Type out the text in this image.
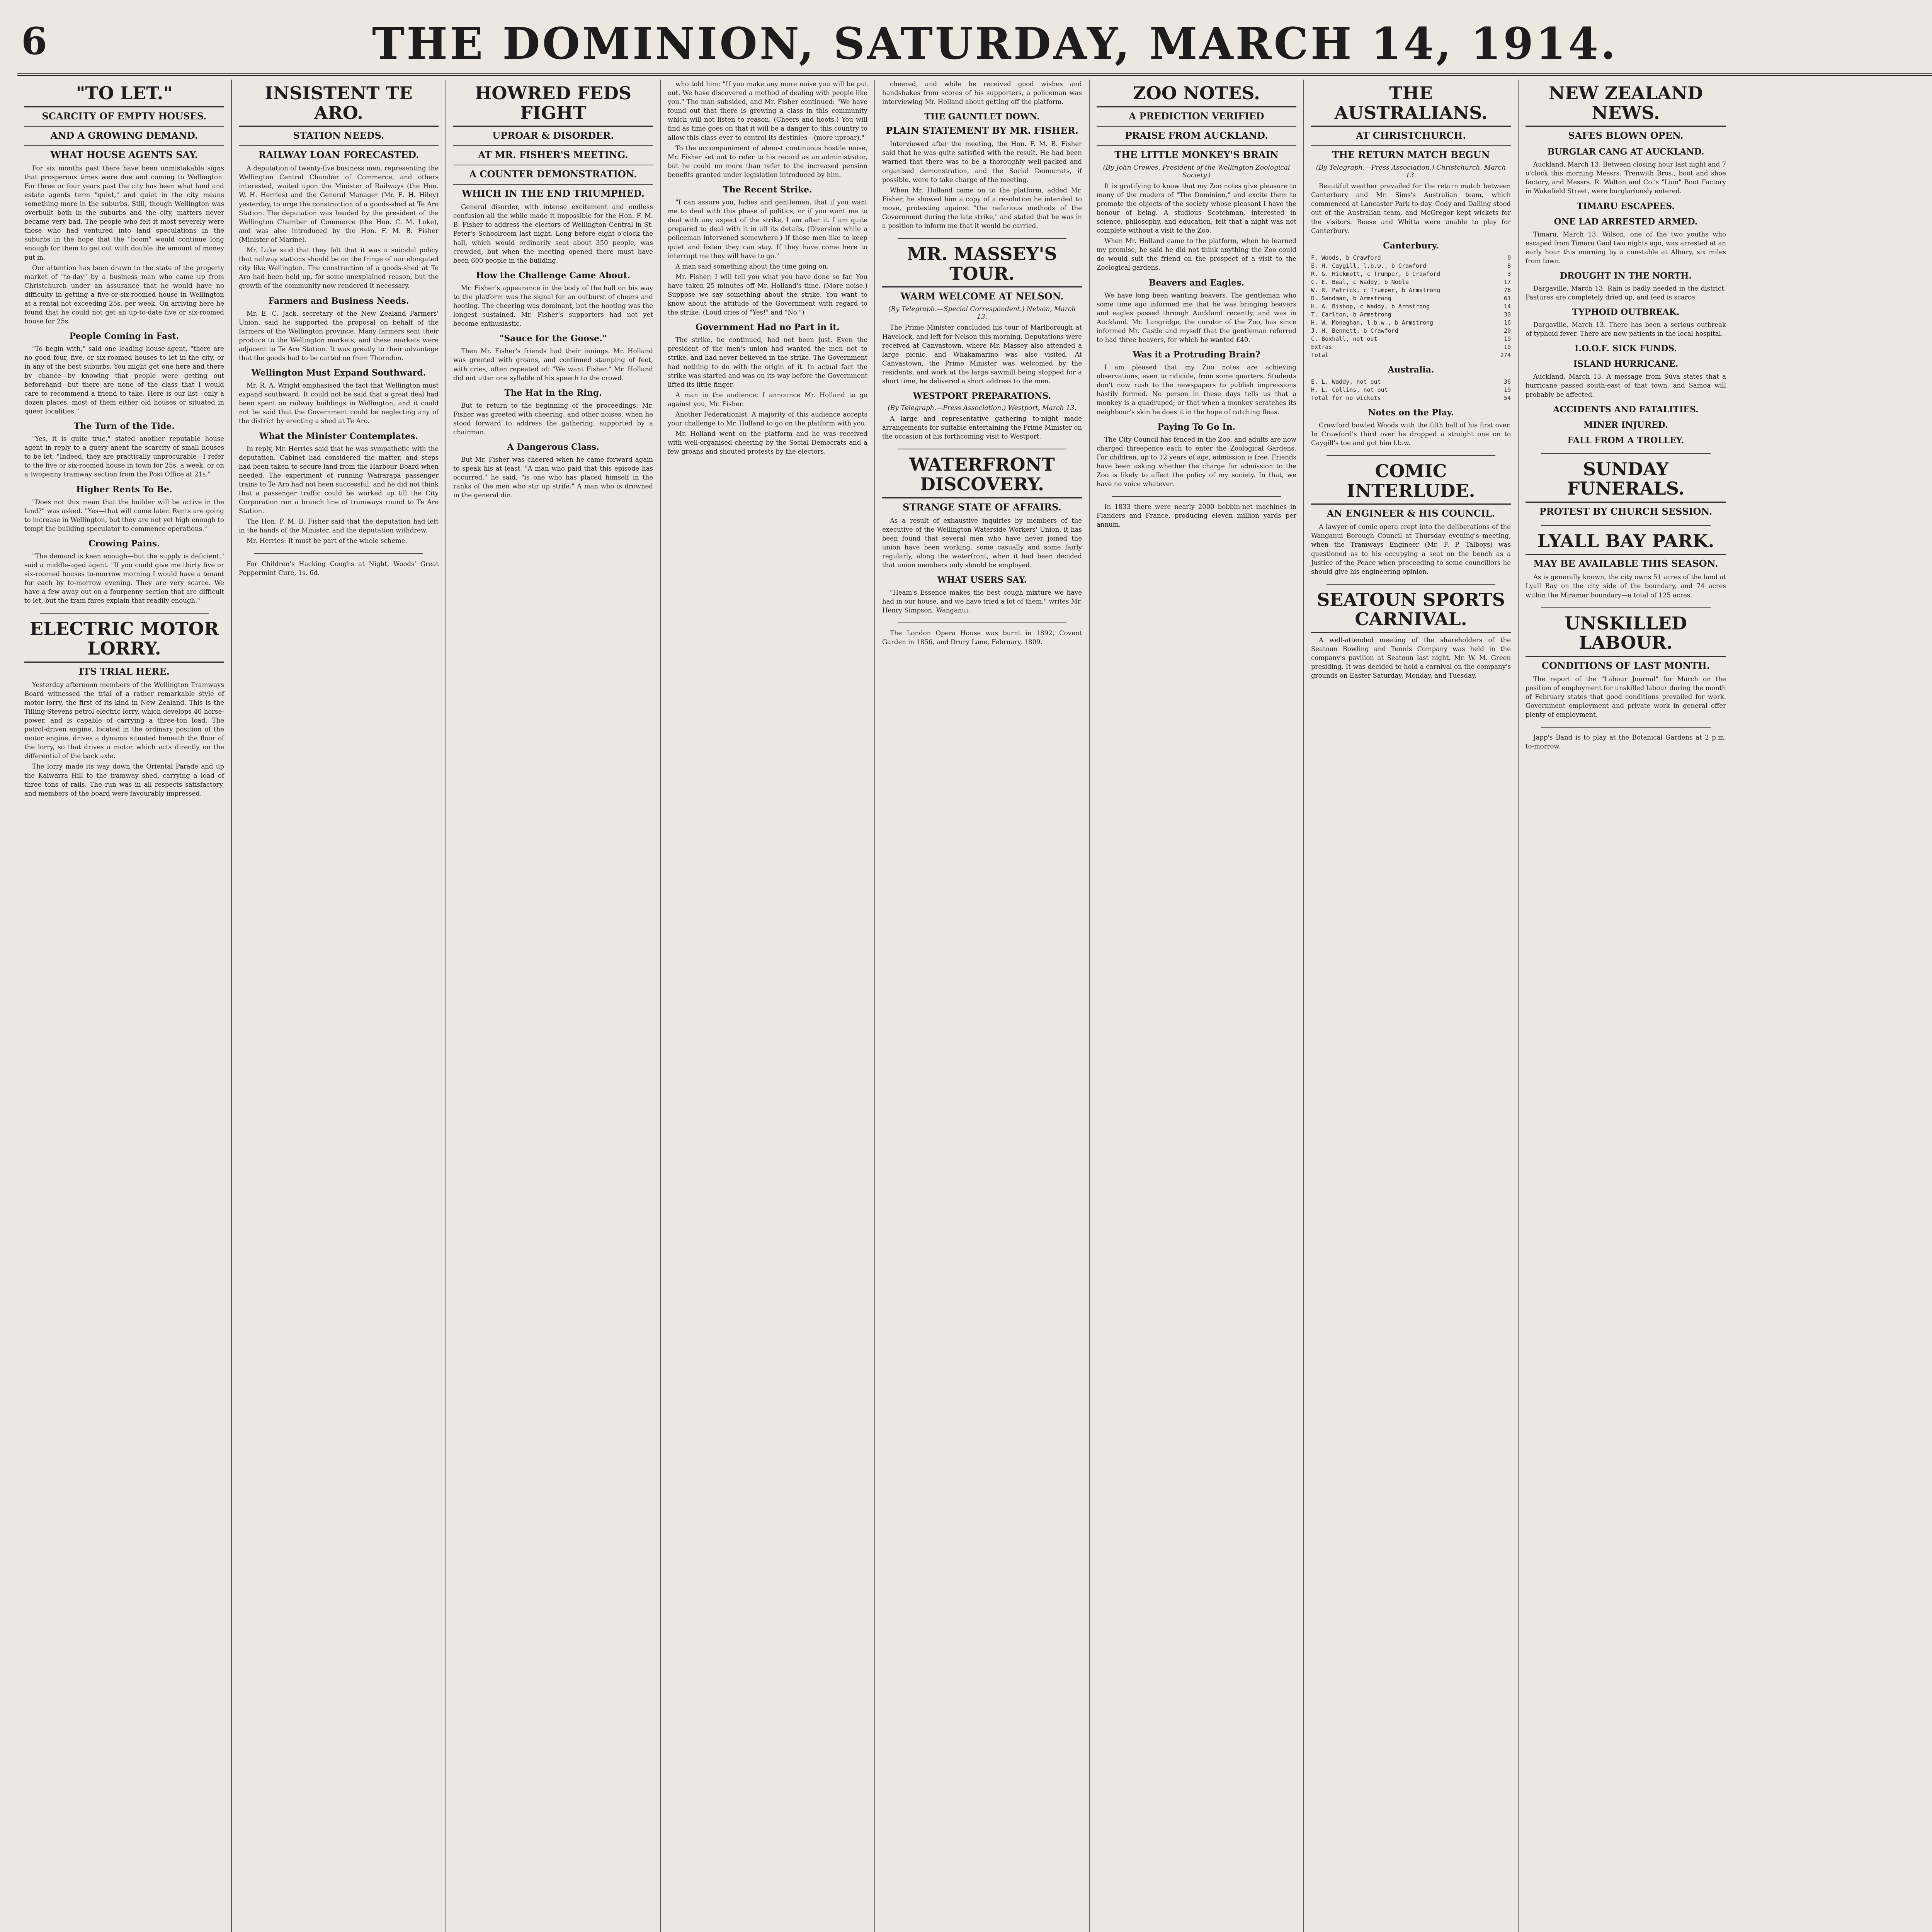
6	THE DOMINION, SATURDAY, MARCH 14, 1914.
"TO LET."
SCARCITY OF EMPTY HOUSES.
AND A GROWING DEMAND.
WHAT HOUSE AGENTS SAY.

For six months past there have been unmistakable signs that prosperous times were due and coming to Wellington. For three or four years past the city has been what land and estate agents term "quiet," and quiet in the city means something more in the suburbs. Still, though Wellington was overbuilt both in the suburbs and the city, matters never became very bad. The people who felt it most severely were those who had ventured into land speculations in the suburbs in the hope that the "boom" would continue long enough for them to get out with double the amount of money put in.

Our attention has been drawn to the state of the property market of "to-day" by a business man who came up from Christchurch under an assurance that he would have no difficulty in getting a five-or-six-roomed house in Wellington at a rental not exceeding 25s. per week. On arriving here he found that he could not get an up-to-date five or six-roomed house for 25s.

People Coming in Fast.

"To begin with," said one leading house-agent, "there are no good four, five, or six-roomed houses to let in the city, or in any of the best suburbs. You might get one here and there by chance—by knowing that people were getting out beforehand—but there are none of the class that I would care to recommend a friend to take. Here is our list—only a dozen places, most of them either old houses or situated in queer localities."

The Turn of the Tide.

"Yes, it is quite true," stated another reputable house agent in reply to a query anent the scarcity of small houses to be let. "Indeed, they are practically unprocurable—I refer to the five or six-roomed house in town for 25s. a week, or on a twopenny tramway section from the Post Office at 21s."

Higher Rents To Be.

"Does not this mean that the builder will be active in the land?" was asked. "Yes—that will come later. Rents are going to increase in Wellington, but they are not yet high enough to tempt the building speculator to commence operations."

Crowing Pains.

"The demand is keen enough—but the supply is deficient," said a middle-aged agent. "If you could give me thirty five or six-roomed houses to-morrow morning I would have a tenant for each by to-morrow evening. They are very scarce. We have a few away out on a fourpenny section that are difficult to let, but the tram fares explain that readily enough."

ELECTRIC MOTOR LORRY.
ITS TRIAL HERE.

Yesterday afternoon members of the Wellington Tramways Board witnessed the trial of a rather remarkable style of motor lorry, the first of its kind in New Zealand. This is the Tilling-Stevens petrol electric lorry, which develops 40 horse-power, and is capable of carrying a three-ton load. The petrol-driven engine, located in the ordinary position of the motor engine, drives a dynamo situated beneath the floor of the lorry, so that drives a motor which acts directly on the differential of the back axle.

The lorry made its way down the Oriental Parade and up the Kaiwarra Hill to the tramway shed, carrying a load of three tons of rails. The run was in all respects satisfactory, and members of the board were favourably impressed.

INSISTENT TE ARO.
STATION NEEDS.
RAILWAY LOAN FORECASTED.

A deputation of twenty-five business men, representing the Wellington Central Chamber of Commerce, and others interested, waited upon the Minister of Railways (the Hon. W. H. Herries) and the General Manager (Mr. E. H. Hiley) yesterday, to urge the construction of a goods-shed at Te Aro Station. The deputation was headed by the president of the Wellington Chamber of Commerce (the Hon. C. M. Luke), and was also introduced by the Hon. F. M. B. Fisher (Minister of Marine).

Mr. Luke said that they felt that it was a suicidal policy that railway stations should be on the fringe of our elongated city like Wellington. The construction of a goods-shed at Te Aro had been held up, for some unexplained reason, but the growth of the community now rendered it necessary.

Farmers and Business Needs.

Mr. E. C. Jack, secretary of the New Zealand Farmers' Union, said he supported the proposal on behalf of the farmers of the Wellington province. Many farmers sent their produce to the Wellington markets, and these markets were adjacent to Te Aro Station. It was greatly to their advantage that the goods had to be carted on from Thorndon.

Wellington Must Expand Southward.

Mr. R. A. Wright emphasised the fact that Wellington must expand southward. It could not be said that a great deal had been spent on railway buildings in Wellington, and it could not be said that the Government could be neglecting any of the district by erecting a shed at Te Aro.

What the Minister Contemplates.

In reply, Mr. Herries said that he was sympathetic with the deputation. Cabinet had considered the matter, and steps had been taken to secure land from the Harbour Board when needed. The experiment of running Wairarapa passenger trains to Te Aro had not been successful, and he did not think that a passenger traffic could be worked up till the City Corporation ran a branch line of tramways round to Te Aro Station.

The Hon. F. M. B. Fisher said that the deputation had left in the hands of the Minister, and the deputation withdrew.

Mr. Herries: It must be part of the whole scheme.

For Children's Hacking Coughs at Night, Woods' Great Peppermint Cure, 1s. 6d.

HOWRED FEDS FIGHT
UPROAR & DISORDER.
AT MR. FISHER'S MEETING.
A COUNTER DEMONSTRATION.
WHICH IN THE END TRIUMPHED.

General disorder, with intense excitement and endless confusion all the while made it impossible for the Hon. F. M. B. Fisher to address the electors of Wellington Central in St. Peter's Schoolroom last night. Long before eight o'clock the hall, which would ordinarily seat about 350 people, was crowded, but when the meeting opened there must have been 600 people in the building.

How the Challenge Came About.

Mr. Fisher's appearance in the body of the hall on his way to the platform was the signal for an outburst of cheers and hooting. The cheering was dominant, but the hooting was the longest sustained. Mr. Fisher's supporters had not yet become enthusiastic.

"Sauce for the Goose."

Then Mr. Fisher's friends had their innings. Mr. Holland was greeted with groans, and continued stamping of feet, with cries, often repeated of: "We want Fisher." Mr. Holland did not utter one syllable of his speech to the crowd.

The Hat in the Ring.

But to return to the beginning of the proceedings: Mr. Fisher was greeted with cheering, and other noises, when he stood forward to address the gathering, supported by a chairman.

A Dangerous Class.

But Mr. Fisher was cheered when he came forward again to speak his at least. "A man who paid that this episode has occurred," he said, "is one who has placed himself in the ranks of the men who stir up strife." A man who is drowned in the general din.

who told him: "If you make any more noise you will be put out. We have discovered a method of dealing with people like you." The man subsided, and Mr. Fisher continued: "We have found out that there is growing a class in this community which will not listen to reason. (Cheers and hoots.) You will find as time goes on that it will be a danger to this country to allow this class ever to control its destinies—(more uproar)."

To the accompaniment of almost continuous hostile noise, Mr. Fisher set out to refer to his record as an administrator, but he could no more than refer to the increased pension benefits granted under legislation introduced by him.

The Recent Strike.

"I can assure you, ladies and gentlemen, that if you want me to deal with this phase of politics, or if you want me to deal with any aspect of the strike, I am after it. I am quite prepared to deal with it in all its details. (Diversion while a policeman intervened somewhere.) If those men like to keep quiet and listen they can stay. If they have come here to interrupt me they will have to go."

A man said something about the time going on.

Mr. Fisher: I will tell you what you have done so far. You have taken 25 minutes off Mr. Holland's time. (More noise.) Suppose we say something about the strike. You want to know about the attitude of the Government with regard to the strike. (Loud cries of "Yes!" and "No.")

Government Had no Part in it.

The strike, he continued, had not been just. Even the president of the men's union had wanted the men not to strike, and had never believed in the strike. The Government had nothing to do with the origin of it. In actual fact the strike was started and was on its way before the Government lifted its little finger.

A man in the audience: I announce Mr. Holland to go against you, Mr. Fisher.

Another Federationist: A majority of this audience accepts your challenge to Mr. Holland to go on the platform with you.

Mr. Holland went on the platform and he was received with well-organised cheering by the Social Democrats and a few groans and shouted protests by the electors.

cheered, and while he received good wishes and handshakes from scores of his supporters, a policeman was interviewing Mr. Holland about getting off the platform.

THE GAUNTLET DOWN.
PLAIN STATEMENT BY MR. FISHER.

Interviewed after the meeting, the Hon. F. M. B. Fisher said that he was quite satisfied with the result. He had been warned that there was to be a thoroughly well-packed and organised demonstration, and the Social Democrats, if possible, were to take charge of the meeting.

When Mr. Holland came on to the platform, added Mr. Fisher, he showed him a copy of a resolution he intended to move, protesting against "the nefarious methods of the Government during the late strike," and stated that he was in a position to inform me that it would be carried.

MR. MASSEY'S TOUR.
WARM WELCOME AT NELSON.
(By Telegraph.—Special Correspondent.) Nelson, March 13.

The Prime Minister concluded his tour of Marlborough at Havelock, and left for Nelson this morning. Deputations were received at Canvastown, where Mr. Massey also attended a large picnic, and Whakamarino was also visited. At Canvastown, the Prime Minister was welcomed by the residents, and work at the large sawmill being stopped for a short time, he delivered a short address to the men.

WESTPORT PREPARATIONS.
(By Telegraph.—Press Association.) Westport, March 13.

A large and representative gathering to-night made arrangements for suitable entertaining the Prime Minister on the occasion of his forthcoming visit to Westport.

WATERFRONT DISCOVERY.
STRANGE STATE OF AFFAIRS.

As a result of exhaustive inquiries by members of the executive of the Wellington Waterside Workers' Union, it has been found that several men who have never joined the union have been working, some casually and some fairly regularly, along the waterfront, when it had been decided that union members only should be employed.

WHAT USERS SAY.

"Heam's Essence makes the best cough mixture we have had in our house, and we have tried a lot of them," writes Mr. Henry Simpson, Wanganui.

The London Opera House was burnt in 1892, Covent Garden in 1856, and Drury Lane, February, 1809.

ZOO NOTES.
A PREDICTION VERIFIED
PRAISE FROM AUCKLAND.
THE LITTLE MONKEY'S BRAIN
(By John Crewes, President of the Wellington Zoological Society.)

It is gratifying to know that my Zoo notes give pleasure to many of the readers of "The Dominion," and excite them to promote the objects of the society whose pleasant I have the honour of being. A studious Scotchman, interested in science, philosophy, and education, felt that a night was not complete without a visit to the Zoo.

When Mr. Holland came to the platform, when he learned my promise, he said he did not think anything the Zoo could do would suit the friend on the prospect of a visit to the Zoological gardens.

Beavers and Eagles.

We have long been wanting beavers. The gentleman who some time ago informed me that he was bringing beavers and eagles passed through Auckland recently, and was in Auckland. Mr. Langridge, the curator of the Zoo, has since informed Mr. Castle and myself that the gentleman referred to had three beavers, for which he wanted £40.

Was it a Protruding Brain?

I am pleased that my Zoo notes are achieving observations, even to ridicule, from some quarters. Students don't now rush to the newspapers to publish impressions hastily formed. No person in these days tells us that a monkey is a quadruped; or that when a monkey scratches its neighbour's skin he does it in the hope of catching fleas.

Paying To Go In.

The City Council has fenced in the Zoo, and adults are now charged threepence each to enter the Zoological Gardens. For children, up to 12 years of age, admission is free. Friends have been asking whether the charge for admission to the Zoo is likely to affect the policy of my society. In that, we have no voice whatever.

In 1833 there were nearly 2000 bobbin-net machines in Flanders and France, producing eleven million yards per annum.

THE AUSTRALIANS.
AT CHRISTCHURCH.
THE RETURN MATCH BEGUN
(By Telegraph.—Press Association.) Christchurch, March 13.

Beautiful weather prevailed for the return match between Canterbury and Mr. Sims's Australian team, which commenced at Lancaster Park to-day. Cody and Dalling stood out of the Australian team, and McGregor kept wickets for the visitors. Reese and Whitta were unable to play for Canterbury.

Canterbury.
F. Woods, b Crawford	0
E. H. Caygill, l.b.w., b Crawford	8
R. G. Hickmott, c Trumper, b Crawford	3
C. E. Beal, c Waddy, b Noble	17
W. R. Patrick, c Trumper, b Armstrong	78
D. Sandman, b Armstrong	61
H. A. Bishop, c Waddy, b Armstrong	14
T. Carlton, b Armstrong	30
H. W. Monaghan, l.b.w., b Armstrong	16
J. H. Bennett, b Crawford	20
C. Boxhall, not out	19
Extras	10
Total	274
Australia.
E. L. Waddy, not out	36
H. L. Collins, not out	19
Total for no wickets	54
Notes on the Play.

Crawford bowled Woods with the fifth ball of his first over. In Crawford's third over he dropped a straight one on to Caygill's toe and got him l.b.w.

COMIC INTERLUDE.
AN ENGINEER & HIS COUNCIL.

A lawyer of comic opera crept into the deliberations of the Wanganui Borough Council at Thursday evening's meeting, when the Tramways Engineer (Mr. F. P. Talboys) was questioned as to his occupying a seat on the bench as a Justice of the Peace when proceeding to some councillors he should give his engineering opinion.

SEATOUN SPORTS CARNIVAL.

A well-attended meeting of the shareholders of the Seatoun Bowling and Tennis Company was held in the company's pavilion at Seatoun last night. Mr. W. M. Green presiding. It was decided to hold a carnival on the company's grounds on Easter Saturday, Monday, and Tuesday.

NEW ZEALAND NEWS.
SAFES BLOWN OPEN.
BURGLAR CANG AT AUCKLAND.

Auckland, March 13. Between closing hour last night and 7 o'clock this morning Messrs. Trenwith Bros., boot and shoe factory, and Messrs. R. Walton and Co.'s "Lion" Boot Factory in Wakefield Street, were burglariously entered.

TIMARU ESCAPEES.
ONE LAD ARRESTED ARMED.

Timaru, March 13. Wilson, one of the two youths who escaped from Timaru Gaol two nights ago, was arrested at an early hour this morning by a constable at Albury, six miles from town.

DROUGHT IN THE NORTH.

Dargaville, March 13. Rain is badly needed in the district. Pastures are completely dried up, and feed is scarce.

TYPHOID OUTBREAK.

Dargaville, March 13. There has been a serious outbreak of typhoid fever. There are now patients in the local hospital.

I.O.O.F. SICK FUNDS.
ISLAND HURRICANE.

Auckland, March 13. A message from Suva states that a hurricane passed south-east of that town, and Samoa will probably be affected.

ACCIDENTS AND FATALITIES.
MINER INJURED.
FALL FROM A TROLLEY.
SUNDAY FUNERALS.
PROTEST BY CHURCH SESSION.
LYALL BAY PARK.
MAY BE AVAILABLE THIS SEASON.

As is generally known, the city owns 51 acres of the land at Lyall Bay on the city side of the boundary, and 74 acres within the Miramar boundary—a total of 125 acres.

UNSKILLED LABOUR.
CONDITIONS OF LAST MONTH.

The report of the "Labour Journal" for March on the position of employment for unskilled labour during the month of February states that good conditions prevailed for work. Government employment and private work in general offer plenty of employment.

Japp's Band is to play at the Botanical Gardens at 2 p.m. to-morrow.
